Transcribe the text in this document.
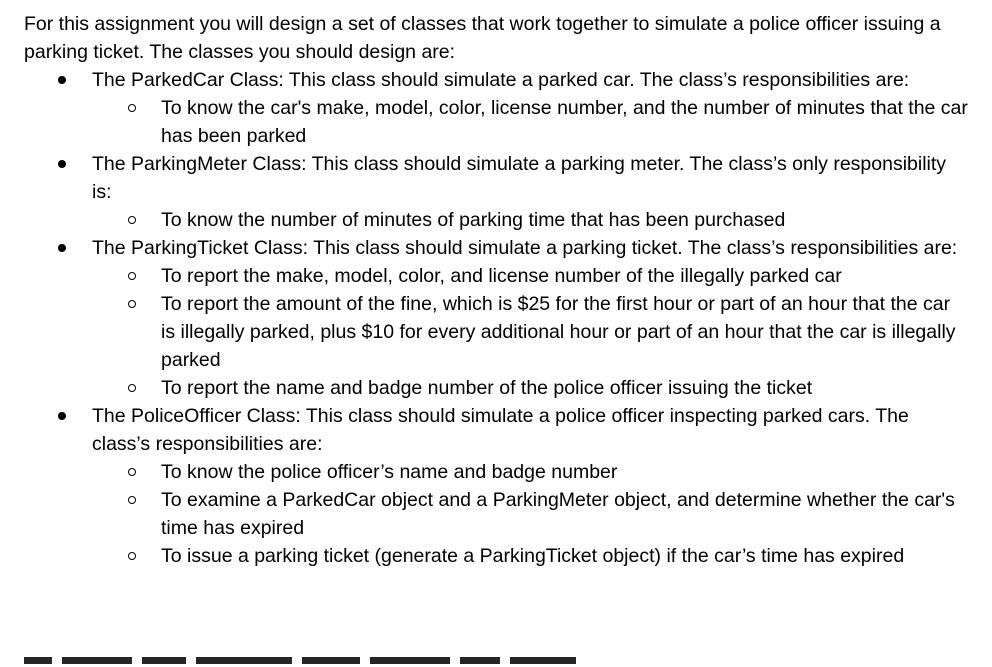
For this assignment you will design a set of classes that work together to simulate a police officer issuing a parking ticket. The classes you should design are:

The ParkedCar Class: This class should simulate a parked car. The class’s responsibilities are:
To know the car's make, model, color, license number, and the number of minutes that the car has been parked
The ParkingMeter Class: This class should simulate a parking meter. The class’s only responsibility is:
To know the number of minutes of parking time that has been purchased
The ParkingTicket Class: This class should simulate a parking ticket. The class’s responsibilities are:
To report the make, model, color, and license number of the illegally parked car
To report the amount of the fine, which is $25 for the first hour or part of an hour that the car is illegally parked, plus $10 for every additional hour or part of an hour that the car is illegally parked
To report the name and badge number of the police officer issuing the ticket
The PoliceOfficer Class: This class should simulate a police officer inspecting parked cars. The class’s responsibilities are:
To know the police officer’s name and badge number
To examine a ParkedCar object and a ParkingMeter object, and determine whether the car's time has expired
To issue a parking ticket (generate a ParkingTicket object) if the car’s time has expired
